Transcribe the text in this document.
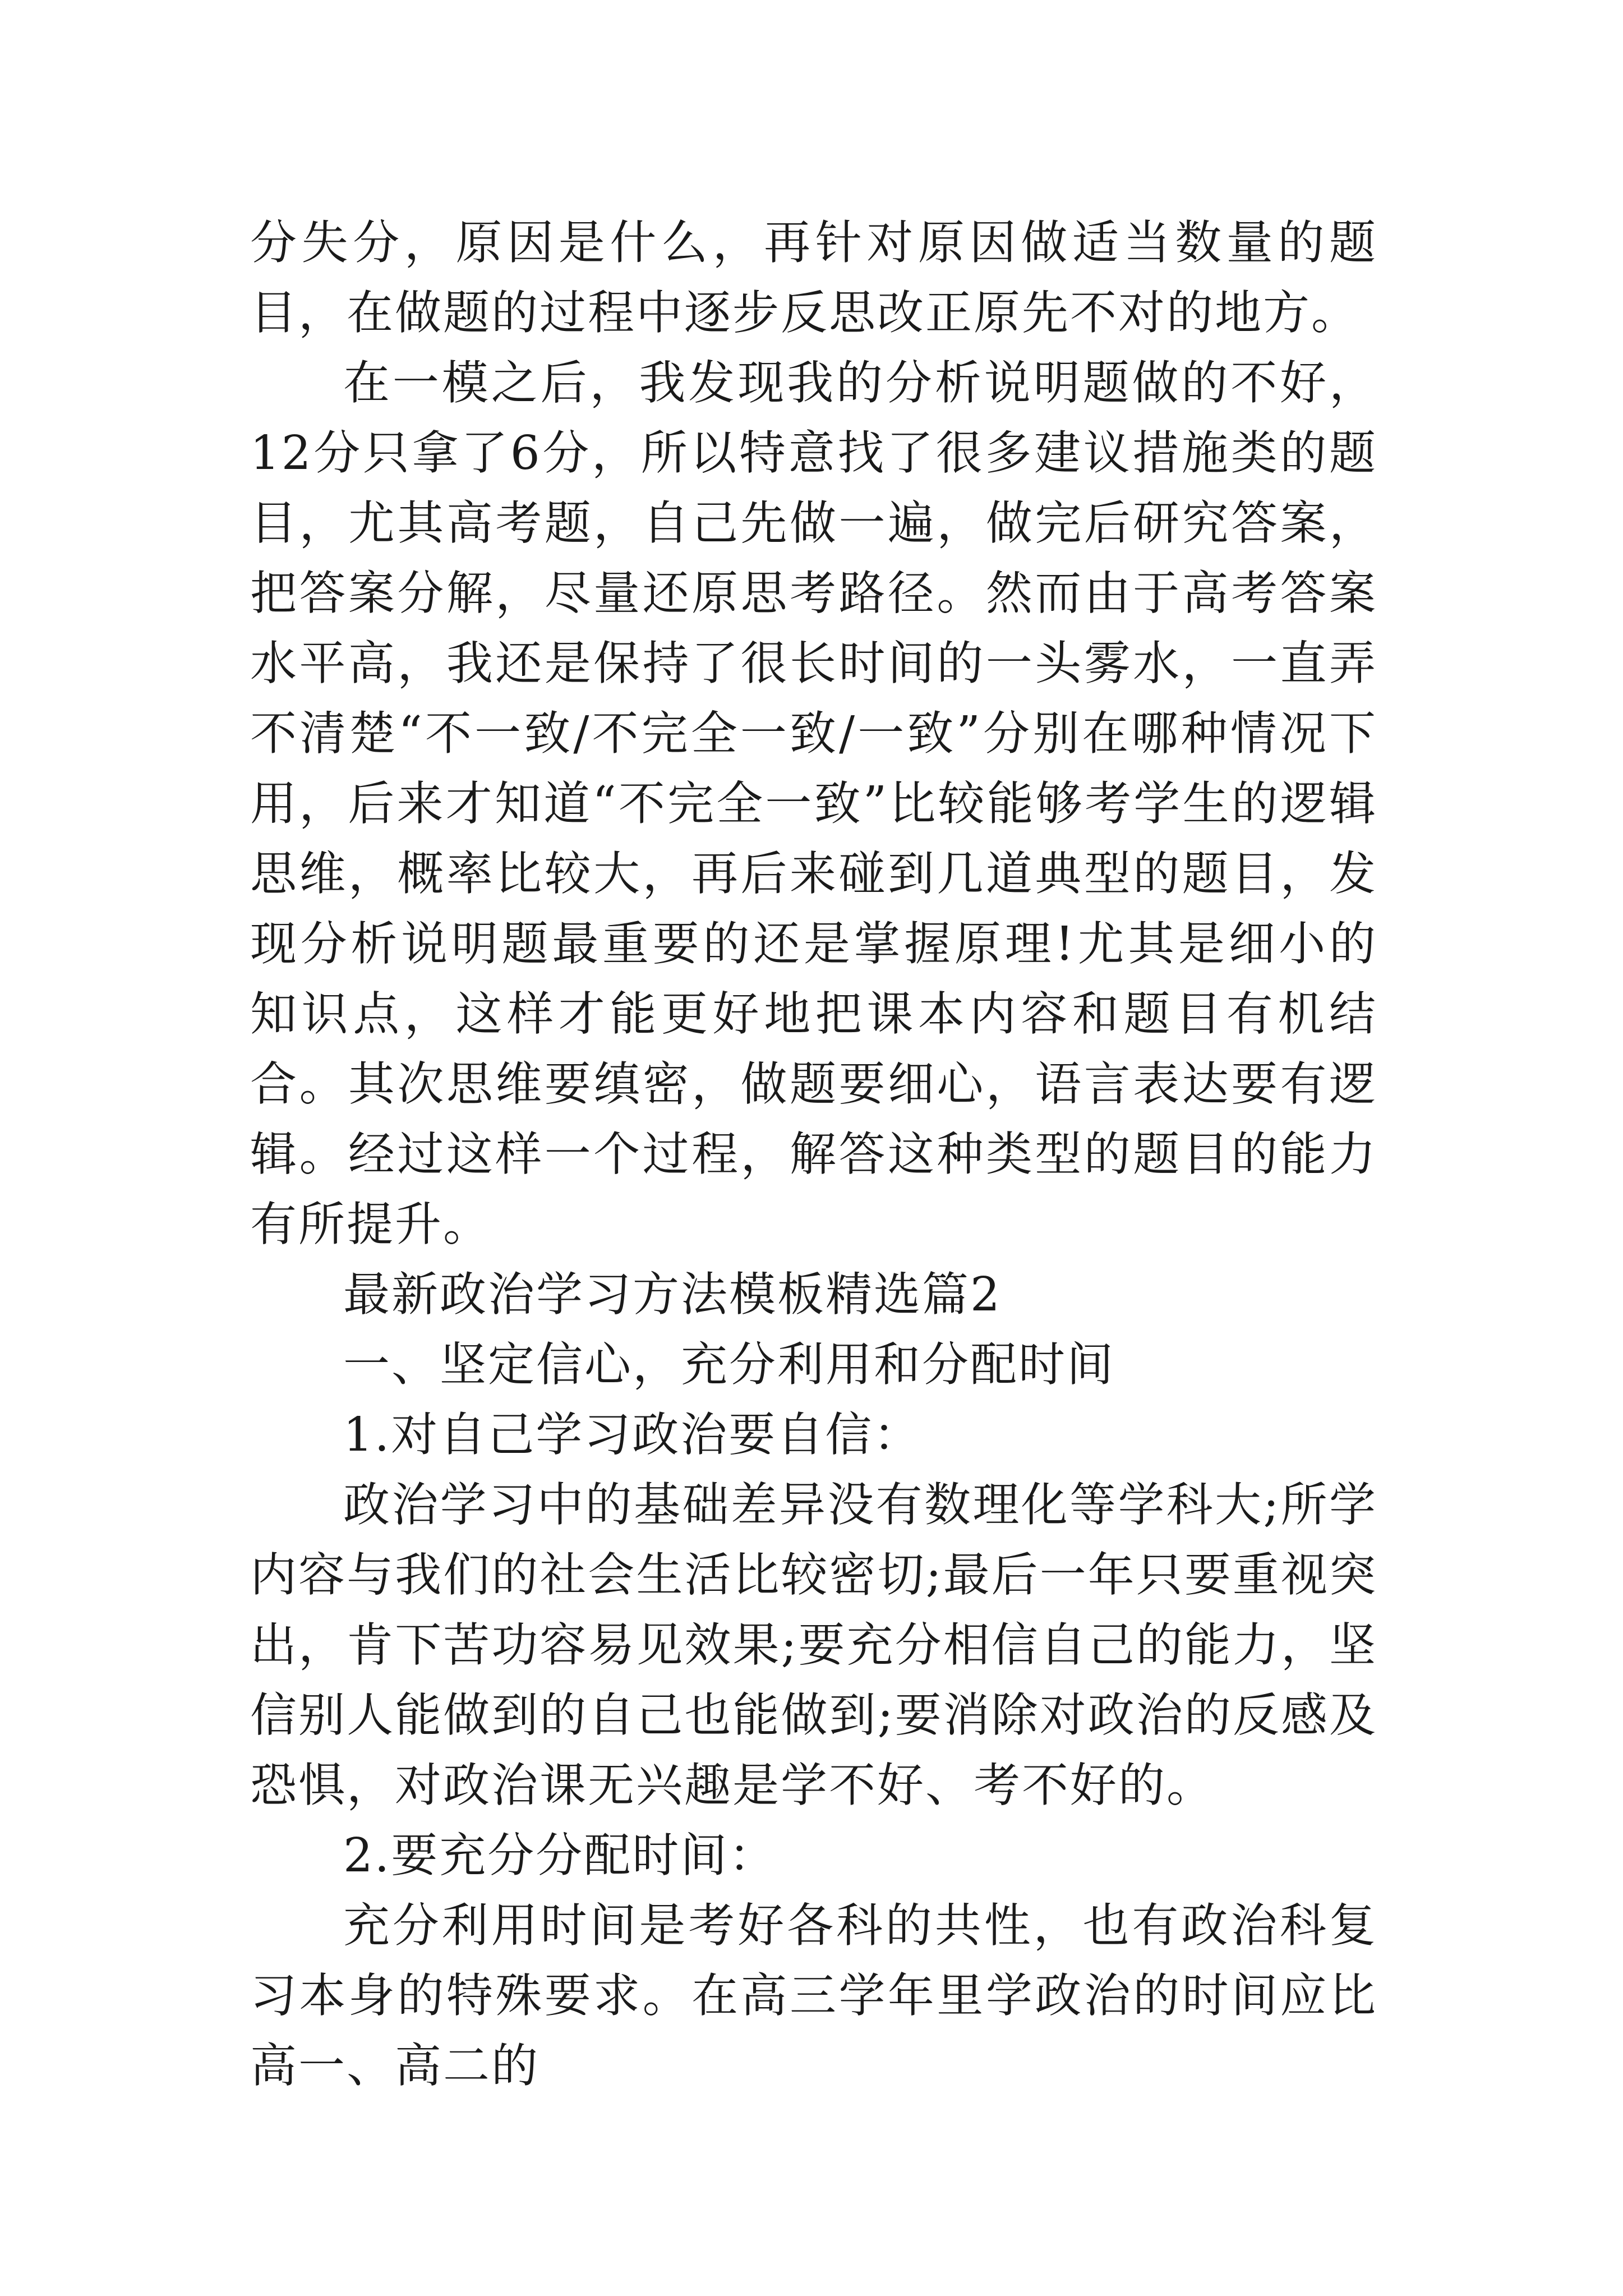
分失分，原因是什么，再针对原因做适当数量的题目，在做题的过程中逐步反思改正原先不对的地方。

在一模之后，我发现我的分析说明题做的不好，12分只拿了6分，所以特意找了很多建议措施类的题目，尤其高考题，自己先做一遍，做完后研究答案，把答案分解，尽量还原思考路径。然而由于高考答案水平高，我还是保持了很长时间的一头雾水，一直弄不清楚“不一致/不完全一致/一致”分别在哪种情况下用，后来才知道“不完全一致”比较能够考学生的逻辑思维，概率比较大，再后来碰到几道典型的题目，发现分析说明题最重要的还是掌握原理!尤其是细小的知识点，这样才能更好地把课本内容和题目有机结合。其次思维要缜密，做题要细心，语言表达要有逻辑。经过这样一个过程，解答这种类型的题目的能力有所提升。

最新政治学习方法模板精选篇2

一、坚定信心，充分利用和分配时间

1.对自己学习政治要自信：

政治学习中的基础差异没有数理化等学科大;所学内容与我们的社会生活比较密切;最后一年只要重视突出，肯下苦功容易见效果;要充分相信自己的能力，坚信别人能做到的自己也能做到;要消除对政治的反感及恐惧，对政治课无兴趣是学不好、考不好的。

2.要充分分配时间：

充分利用时间是考好各科的共性，也有政治科复习本身的特殊要求。在高三学年里学政治的时间应比高一、高二的
